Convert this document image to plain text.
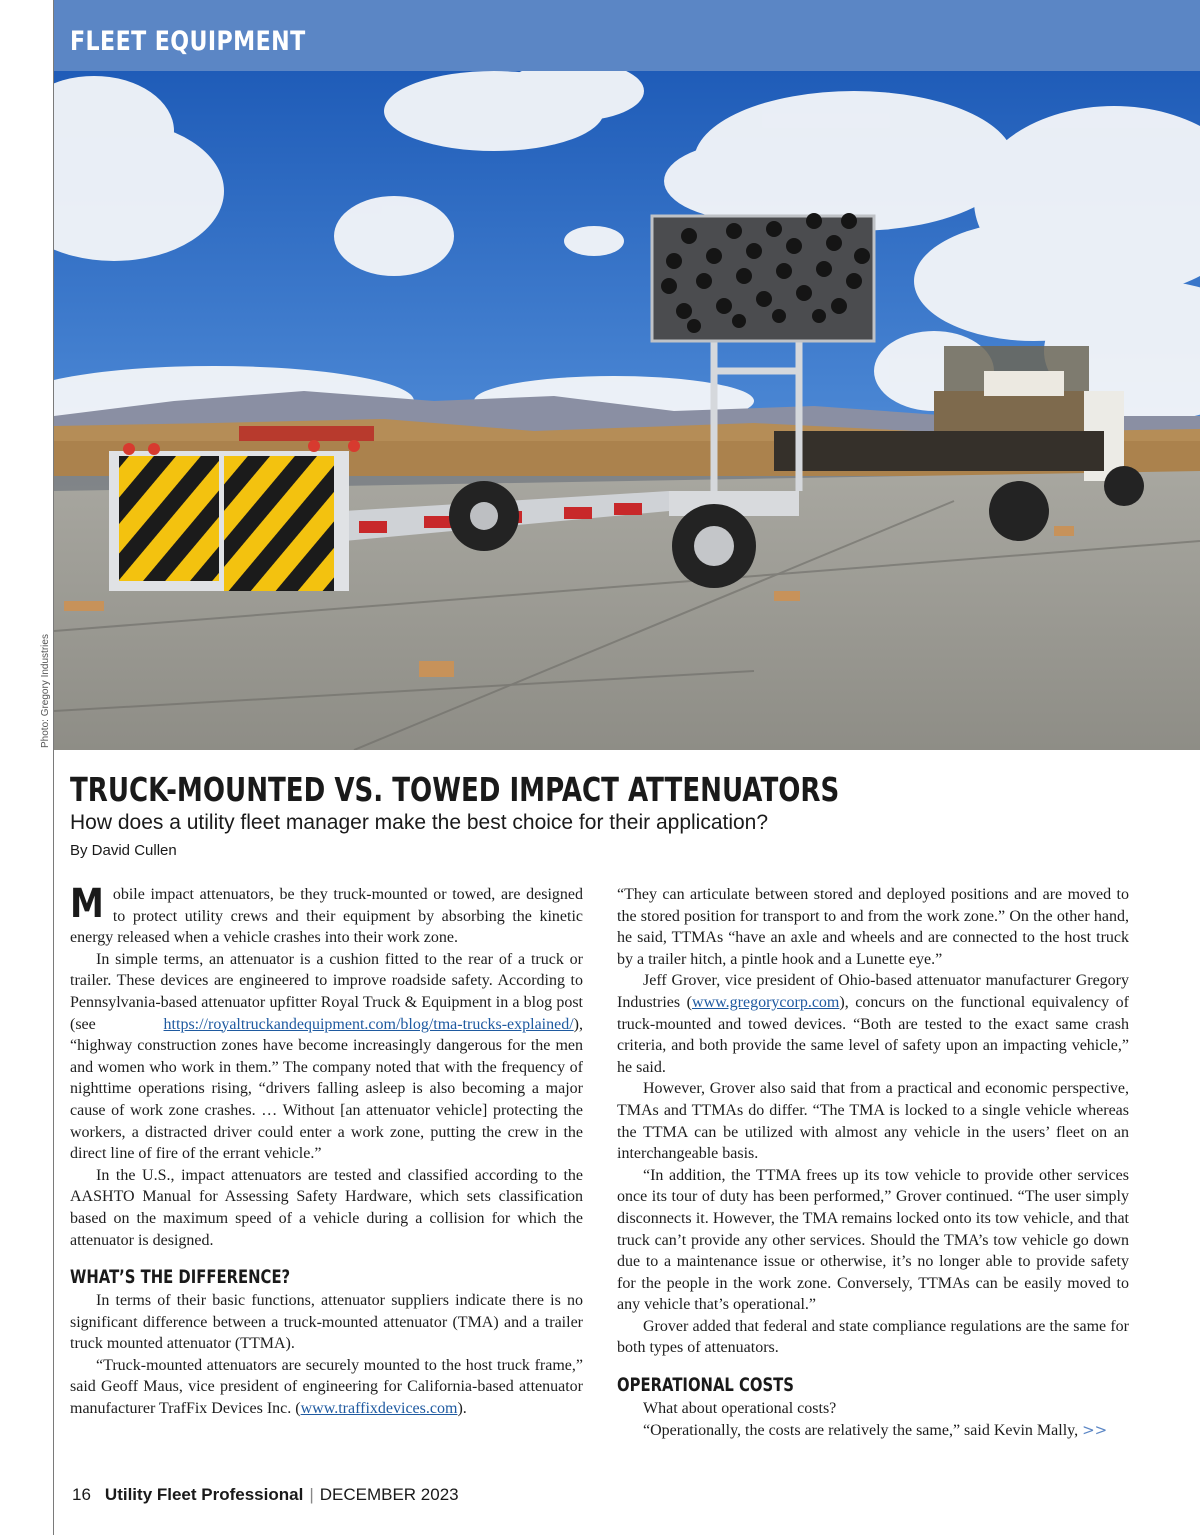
FLEET EQUIPMENT
Photo: Gregory Industries
TRUCK-MOUNTED VS. TOWED IMPACT ATTENUATORS
How does a utility fleet manager make the best choice for their application?
By David Cullen

Mobile impact attenuators, be they truck-mounted or towed, are designed to protect utility crews and their equipment by absorbing the kinetic energy released when a vehicle crashes into their work zone.

In simple terms, an attenuator is a cushion fitted to the rear of a truck or trailer. These devices are engineered to improve roadside safety. According to Pennsylvania-based attenuator upfitter Royal Truck & Equipment in a blog post (see https://royaltruckandequipment.com/blog/tma-trucks-explained/), “highway construction zones have become increasingly dangerous for the men and women who work in them.” The company noted that with the frequency of nighttime operations rising, “drivers falling asleep is also becoming a major cause of work zone crashes. … Without [an attenuator vehicle] protecting the workers, a distracted driver could enter a work zone, putting the crew in the direct line of fire of the errant vehicle.”

In the U.S., impact attenuators are tested and classified according to the AASHTO Manual for Assessing Safety Hardware, which sets classification based on the maximum speed of a vehicle during a collision for which the attenuator is designed.

WHAT’S THE DIFFERENCE?

In terms of their basic functions, attenuator suppliers indicate there is no significant difference between a truck-mounted attenuator (TMA) and a trailer truck mounted attenuator (TTMA).

“Truck-mounted attenuators are securely mounted to the host truck frame,” said Geoff Maus, vice president of engineering for California-based attenuator manufacturer TrafFix Devices Inc. (www.traffixdevices.com).

“They can articulate between stored and deployed positions and are moved to the stored position for transport to and from the work zone.” On the other hand, he said, TTMAs “have an axle and wheels and are connected to the host truck by a trailer hitch, a pintle hook and a Lunette eye.”

Jeff Grover, vice president of Ohio-based attenuator manufacturer Gregory Industries (www.gregorycorp.com), concurs on the functional equivalency of truck-mounted and towed devices. “Both are tested to the exact same crash criteria, and both provide the same level of safety upon an impacting vehicle,” he said.

However, Grover also said that from a practical and economic perspective, TMAs and TTMAs do differ. “The TMA is locked to a single vehicle whereas the TTMA can be utilized with almost any vehicle in the users’ fleet on an interchangeable basis.

“In addition, the TTMA frees up its tow vehicle to provide other services once its tour of duty has been performed,” Grover continued. “The user simply disconnects it. However, the TMA remains locked onto its tow vehicle, and that truck can’t provide any other services. Should the TMA’s tow vehicle go down due to a maintenance issue or otherwise, it’s no longer able to provide safety for the people in the work zone. Conversely, TTMAs can be easily moved to any vehicle that’s operational.”

Grover added that federal and state compliance regulations are the same for both types of attenuators.

OPERATIONAL COSTS

What about operational costs?

“Operationally, the costs are relatively the same,” said Kevin Mally, >>

16 Utility Fleet Professional | DECEMBER 2023
